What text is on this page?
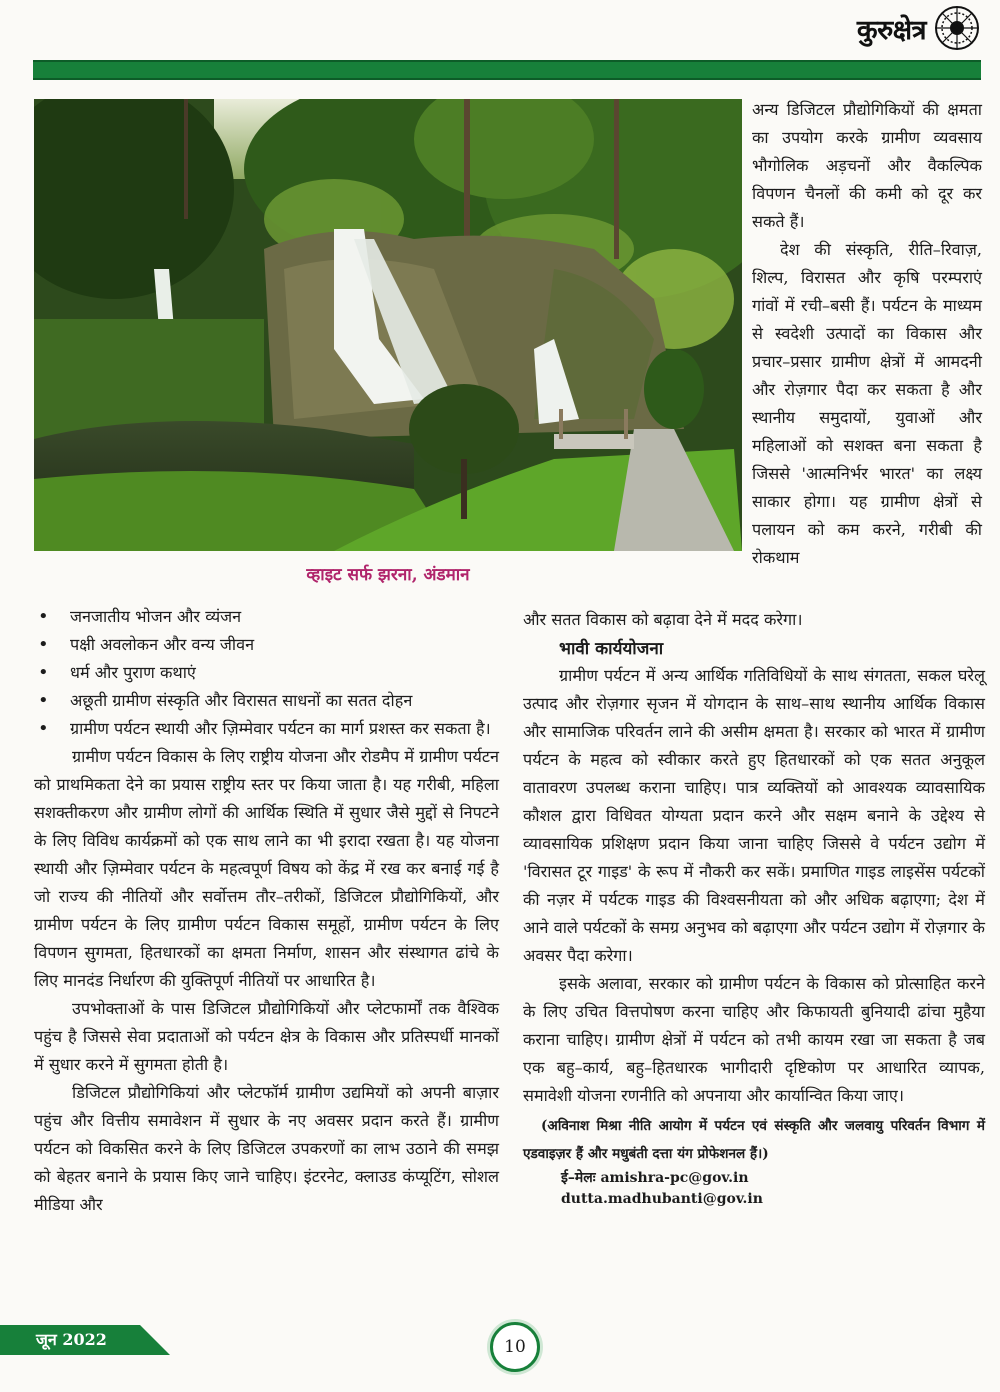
कुरुक्षेत्र
व्हाइट सर्फ झरना, अंडमान

अन्य डिजिटल प्रौद्योगिकियों की क्षमता का उपयोग करके ग्रामीण व्यवसाय भौगोलिक अड़चनों और वैकल्पिक विपणन चैनलों की कमी को दूर कर सकते हैं।

देश की संस्कृति, रीति–रिवाज़, शिल्प, विरासत और कृषि परम्पराएं गांवों में रची–बसी हैं। पर्यटन के माध्यम से स्वदेशी उत्पादों का विकास और प्रचार–प्रसार ग्रामीण क्षेत्रों में आमदनी और रोज़गार पैदा कर सकता है और स्थानीय समुदायों, युवाओं और महिलाओं को सशक्त बना सकता है जिससे 'आत्मनिर्भर भारत' का लक्ष्य साकार होगा। यह ग्रामीण क्षेत्रों से पलायन को कम करने, गरीबी की रोकथाम

और सतत विकास को बढ़ावा देने में मदद करेगा।

• जनजातीय भोजन और व्यंजन
• पक्षी अवलोकन और वन्य जीवन
• धर्म और पुराण कथाएं
• अछूती ग्रामीण संस्कृति और विरासत साधनों का सतत दोहन
• ग्रामीण पर्यटन स्थायी और ज़िम्मेवार पर्यटन का मार्ग प्रशस्त कर सकता है।

ग्रामीण पर्यटन विकास के लिए राष्ट्रीय योजना और रोडमैप में ग्रामीण पर्यटन को प्राथमिकता देने का प्रयास राष्ट्रीय स्तर पर किया जाता है। यह गरीबी, महिला सशक्तीकरण और ग्रामीण लोगों की आर्थिक स्थिति में सुधार जैसे मुद्दों से निपटने के लिए विविध कार्यक्रमों को एक साथ लाने का भी इरादा रखता है। यह योजना स्थायी और ज़िम्मेवार पर्यटन के महत्वपूर्ण विषय को केंद्र में रख कर बनाई गई है जो राज्य की नीतियों और सर्वोत्तम तौर–तरीकों, डिजिटल प्रौद्योगिकियों, और ग्रामीण पर्यटन के लिए ग्रामीण पर्यटन विकास समूहों, ग्रामीण पर्यटन के लिए विपणन सुगमता, हितधारकों का क्षमता निर्माण, शासन और संस्थागत ढांचे के लिए मानदंड निर्धारण की युक्तिपूर्ण नीतियों पर आधारित है।

उपभोक्ताओं के पास डिजिटल प्रौद्योगिकियों और प्लेटफार्मों तक वैश्विक पहुंच है जिससे सेवा प्रदाताओं को पर्यटन क्षेत्र के विकास और प्रतिस्पर्धी मानकों में सुधार करने में सुगमता होती है।

डिजिटल प्रौद्योगिकियां और प्लेटफॉर्म ग्रामीण उद्यमियों को अपनी बाज़ार पहुंच और वित्तीय समावेशन में सुधार के नए अवसर प्रदान करते हैं। ग्रामीण पर्यटन को विकसित करने के लिए डिजिटल उपकरणों का लाभ उठाने की समझ को बेहतर बनाने के प्रयास किए जाने चाहिए। इंटरनेट, क्लाउड कंप्यूटिंग, सोशल मीडिया और

भावी कार्ययोजना

ग्रामीण पर्यटन में अन्य आर्थिक गतिविधियों के साथ संगतता, सकल घरेलू उत्पाद और रोज़गार सृजन में योगदान के साथ–साथ स्थानीय आर्थिक विकास और सामाजिक परिवर्तन लाने की असीम क्षमता है। सरकार को भारत में ग्रामीण पर्यटन के महत्व को स्वीकार करते हुए हितधारकों को एक सतत अनुकूल वातावरण उपलब्ध कराना चाहिए। पात्र व्यक्तियों को आवश्यक व्यावसायिक कौशल द्वारा विधिवत योग्यता प्रदान करने और सक्षम बनाने के उद्देश्य से व्यावसायिक प्रशिक्षण प्रदान किया जाना चाहिए जिससे वे पर्यटन उद्योग में 'विरासत टूर गाइड' के रूप में नौकरी कर सकें। प्रमाणित गाइड लाइसेंस पर्यटकों की नज़र में पर्यटक गाइड की विश्वसनीयता को और अधिक बढ़ाएगा; देश में आने वाले पर्यटकों के समग्र अनुभव को बढ़ाएगा और पर्यटन उद्योग में रोज़गार के अवसर पैदा करेगा।

इसके अलावा, सरकार को ग्रामीण पर्यटन के विकास को प्रोत्साहित करने के लिए उचित वित्तपोषण करना चाहिए और किफायती बुनियादी ढांचा मुहैया कराना चाहिए। ग्रामीण क्षेत्रों में पर्यटन को तभी कायम रखा जा सकता है जब एक बहु–कार्य, बहु–हितधारक भागीदारी दृष्टिकोण पर आधारित व्यापक, समावेशी योजना रणनीति को अपनाया और कार्यान्वित किया जाए।

(अविनाश मिश्रा नीति आयोग में पर्यटन एवं संस्कृति और जलवायु परिवर्तन विभाग में एडवाइज़र हैं और मधुबंती दत्ता यंग प्रोफेशनल हैं।)
ई–मेलः amishra-pc@gov.in
dutta.madhubanti@gov.in
जून 2022	10
